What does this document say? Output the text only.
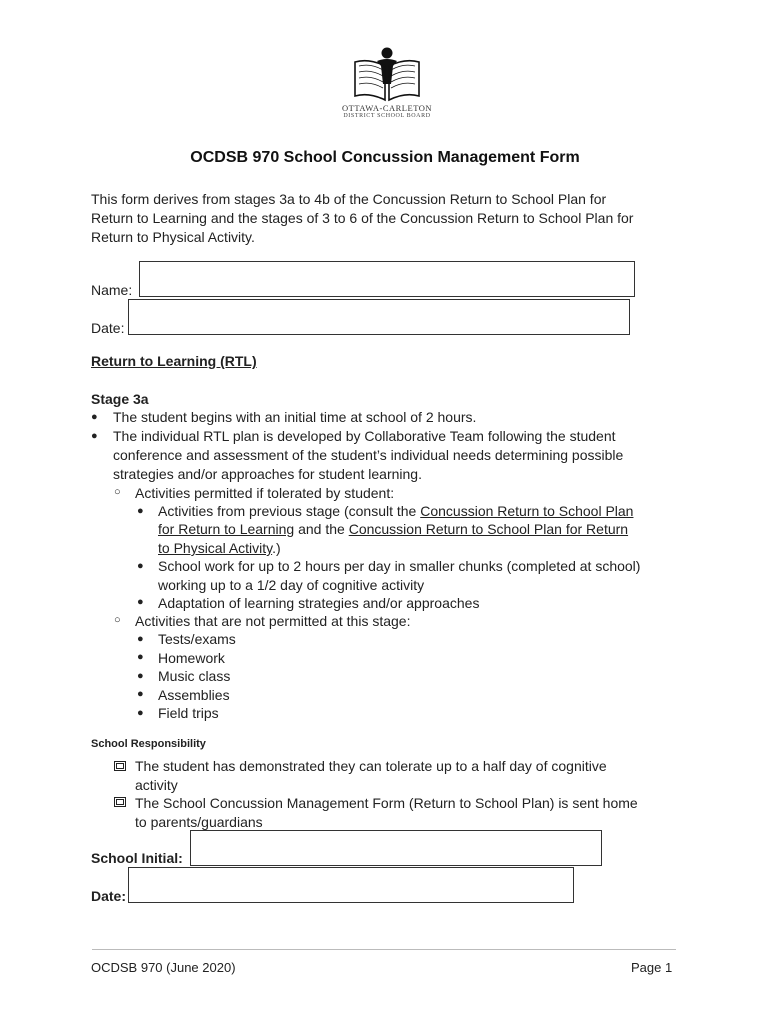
OTTAWA-CARLETON
DISTRICT SCHOOL BOARD
OCDSB 970 School Concussion Management Form
This form derives from stages 3a to 4b of the Concussion Return to School Plan for
Return to Learning and the stages of 3 to 6 of the Concussion Return to School Plan for
Return to Physical Activity.
Name:
Date:
Return to Learning (RTL)
Stage 3a
● The student begins with an initial time at school of 2 hours.
● The individual RTL plan is developed by Collaborative Team following the student
conference and assessment of the student’s individual needs determining possible
strategies and/or approaches for student learning.
○ Activities permitted if tolerated by student:
● Activities from previous stage (consult the Concussion Return to School Plan
for Return to Learning and the Concussion Return to School Plan for Return
to Physical Activity.)
● School work for up to 2 hours per day in smaller chunks (completed at school)
working up to a 1/2 day of cognitive activity
● Adaptation of learning strategies and/or approaches
○ Activities that are not permitted at this stage:
● Tests/exams
● Homework
● Music class
● Assemblies
● Field trips
School Responsibility
The student has demonstrated they can tolerate up to a half day of cognitive
activity
The School Concussion Management Form (Return to School Plan) is sent home
to parents/guardians
School Initial:
Date:
OCDSB 970 (June 2020)	Page 1
